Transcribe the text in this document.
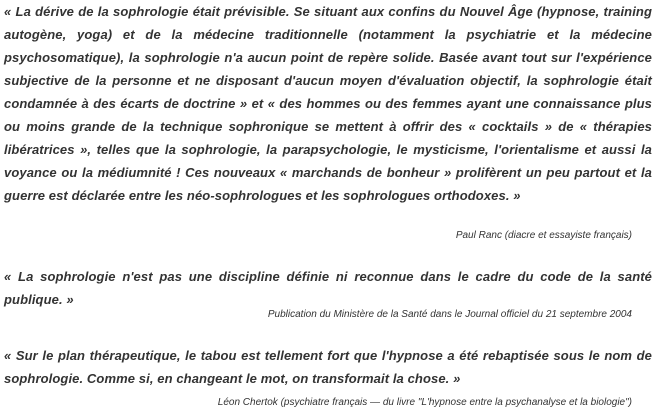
« La dérive de la sophrologie était prévisible. Se situant aux confins du Nouvel Âge (hypnose, training autogène, yoga) et de la médecine traditionnelle (notamment la psychiatrie et la médecine psychosomatique), la sophrologie n'a aucun point de repère solide. Basée avant tout sur l'expérience subjective de la personne et ne disposant d'aucun moyen d'évaluation objectif, la sophrologie était condamnée à des écarts de doctrine » et « des hommes ou des femmes ayant une connaissance plus ou moins grande de la technique sophronique se mettent à offrir des « cocktails » de « thérapies libératrices », telles que la sophrologie, la parapsychologie, le mysticisme, l'orientalisme et aussi la voyance ou la médiumnité ! Ces nouveaux « marchands de bonheur » prolifèrent un peu partout et la guerre est déclarée entre les néo-sophrologues et les sophrologues orthodoxes. »

Paul Ranc (diacre et essayiste français)

« La sophrologie n'est pas une discipline définie ni reconnue dans le cadre du code de la santé publique. »

Publication du Ministère de la Santé dans le Journal officiel du 21 septembre 2004

« Sur le plan thérapeutique, le tabou est tellement fort que l'hypnose a été rebaptisée sous le nom de sophrologie. Comme si, en changeant le mot, on transformait la chose. »

Léon Chertok (psychiatre français — du livre "L'hypnose entre la psychanalyse et la biologie")
